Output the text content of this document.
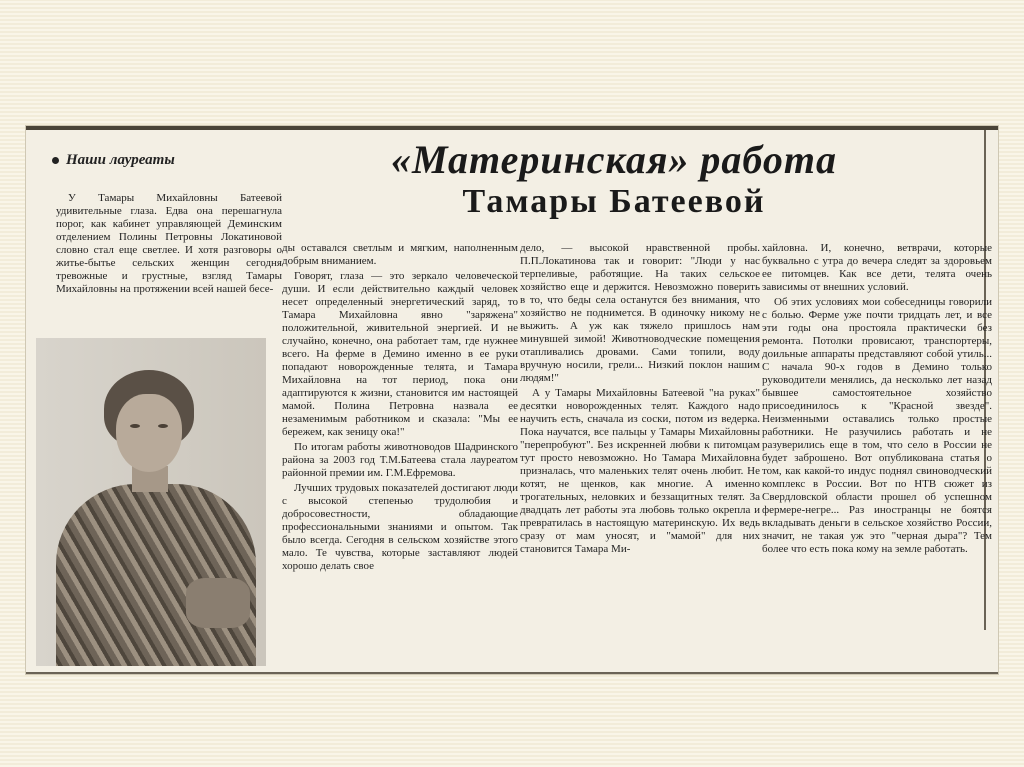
Наши лауреаты	«Материнская» работа
Тамары Батеевой

У Тамары Михайловны Батеевой удивительные глаза. Едва она перешагнула порог, как кабинет управляющей Деминским отделением Полины Петровны Локатиновой словно стал еще светлее. И хотя разговоры о житье-бытье сельских женщин сегодня тревожные и грустные, взгляд Тамары Михайловны на протяжении всей нашей бесе-

ды оставался светлым и мягким, наполненным добрым вниманием.

Говорят, глаза — это зеркало человеческой души. И если действительно каждый человек несет определенный энергетический заряд, то Тамара Михайловна явно "заряжена" положительной, живительной энергией. И не случайно, конечно, она работает там, где нужнее всего. На ферме в Демино именно в ее руки попадают новорожденные телята, и Тамара Михайловна на тот период, пока они адаптируются к жизни, становится им настоящей мамой. Полина Петровна назвала ее незаменимым работником и сказала: "Мы ее бережем, как зеницу ока!"

По итогам работы животноводов Шадринского района за 2003 год Т.М.Батеева стала лауреатом районной премии им. Г.М.Ефремова.

Лучших трудовых показателей достигают люди с высокой степенью трудолюбия и добросовестности, обладающие профессиональными знаниями и опытом. Так было всегда. Сегодня в сельском хозяйстве этого мало. Те чувства, которые заставляют людей хорошо делать свое

дело, — высокой нравственной пробы. П.П.Локатинова так и говорит: "Люди у нас терпеливые, работящие. На таких сельское хозяйство еще и держится. Невозможно поверить в то, что беды села останутся без внимания, что хозяйство не поднимется. В одиночку никому не выжить. А уж как тяжело пришлось нам минувшей зимой! Животноводческие помещения отапливались дровами. Сами топили, воду вручную носили, грели... Низкий поклон нашим людям!"

А у Тамары Михайловны Батеевой "на руках" десятки новорожденных телят. Каждого надо научить есть, сначала из соски, потом из ведерка. Пока научатся, все пальцы у Тамары Михайловны "перепробуют". Без искренней любви к питомцам тут просто невозможно. Но Тамара Михайловна призналась, что маленьких телят очень любит. Не котят, не щенков, как многие. А именно трогательных, неловких и беззащитных телят. За двадцать лет работы эта любовь только окрепла и превратилась в настоящую материнскую. Их ведь сразу от мам уносят, и "мамой" для них становится Тамара Ми-

хайловна. И, конечно, ветврачи, которые буквально с утра до вечера следят за здоровьем ее питомцев. Как все дети, телята очень зависимы от внешних условий.

Об этих условиях мои собеседницы говорили с болью. Ферме уже почти тридцать лет, и все эти годы она простояла практически без ремонта. Потолки провисают, транспортеры, доильные аппараты представляют собой утиль... С начала 90-х годов в Демино только руководители менялись, да несколько лет назад бывшее самостоятельное хозяйство присоединилось к "Красной звезде". Неизменными оставались только простые работники. Не разучились работать и не разуверились еще в том, что село в России не будет заброшено. Вот опубликована статья о том, как какой-то индус поднял свиноводческий комплекс в России. Вот по НТВ сюжет из Свердловской области прошел об успешном фермере-негре... Раз иностранцы не боятся вкладывать деньги в сельское хозяйство России, значит, не такая уж это "черная дыра"? Тем более что есть пока кому на земле работать.
